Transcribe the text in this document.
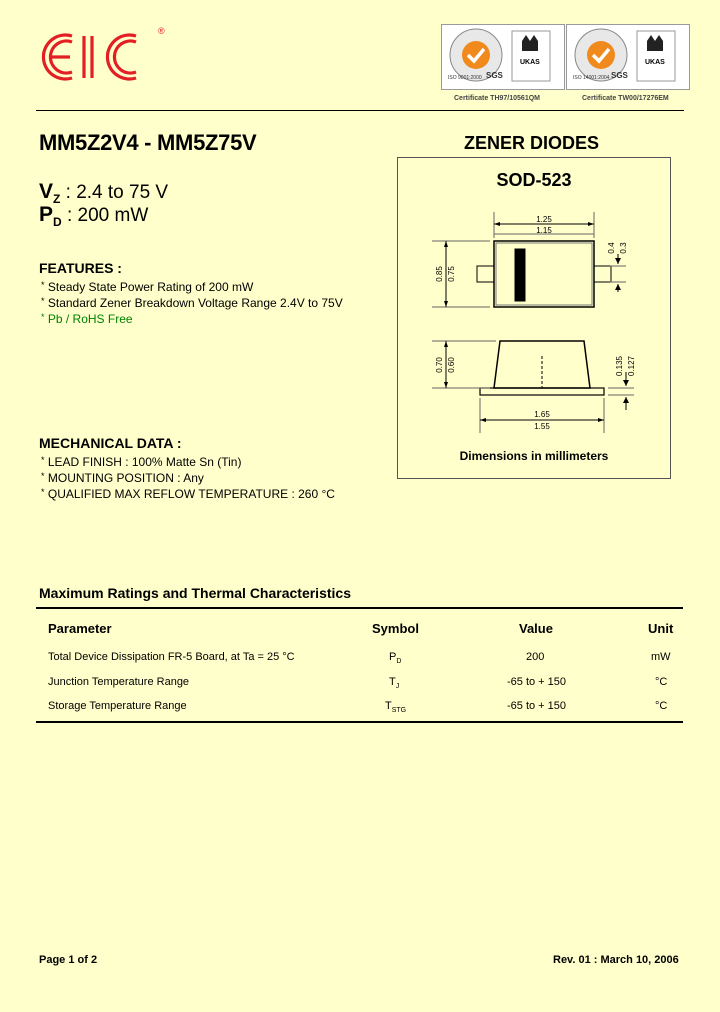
®
SGS
UKAS
ISO 9001:2000
Certificate TH97/10561QM
SGS
UKAS
ISO 14001:2004
Certificate TW00/17276EM
MM5Z2V4 - MM5Z75V	ZENER DIODES
$V_Z$ : 2.4 to 75 V
$P_D$ : 200 mW
FEATURES :
* Steady State Power Rating of 200 mW
* Standard Zener Breakdown Voltage Range 2.4V to 75V
* Pb / RoHS Free
MECHANICAL DATA :
* LEAD FINISH : 100% Matte Sn (Tin)
* MOUNTING POSITION : Any
* QUALIFIED MAX REFLOW TEMPERATURE : 260 °C
SOD-523
1.25
1.15
0.85 0.75
0.4 0.3
0.70 0.60	0.135 0.127
1.65
1.55
Dimensions in millimeters
Maximum Ratings and Thermal Characteristics
Parameter	Symbol	Value	Unit
Total Device Dissipation FR-5 Board, at Ta = 25 °C	$P_D$	200	mW
Junction Temperature Range	$T_J$	-65 to + 150	°C
Storage Temperature Range	$T_{STG}$	-65 to + 150	°C
Page 1 of 2	Rev. 01 : March 10, 2006
